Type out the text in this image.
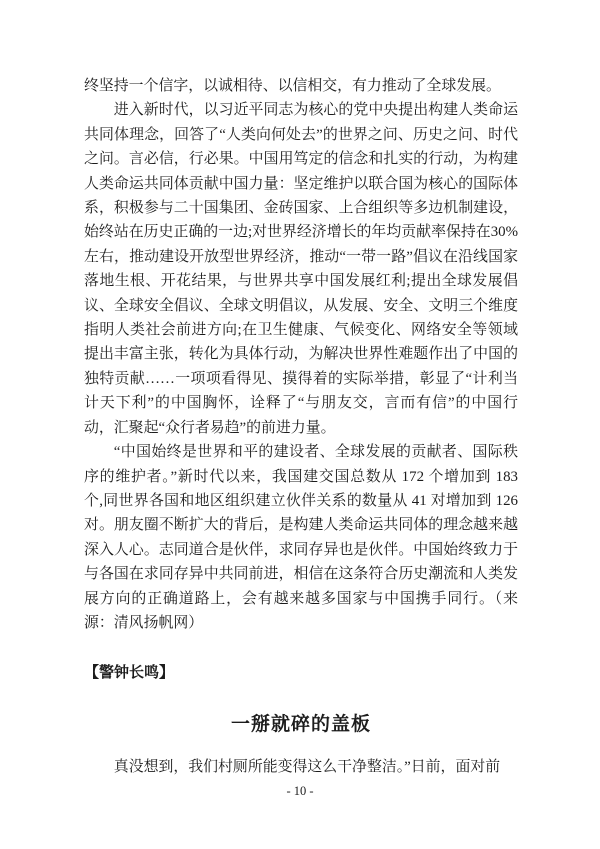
终坚持一个信字，以诚相待、以信相交，有力推动了全球发展。

进入新时代，以习近平同志为核心的党中央提出构建人类命运共同体理念，回答了“人类向何处去”的世界之问、历史之问、时代之问。言必信，行必果。中国用笃定的信念和扎实的行动，为构建人类命运共同体贡献中国力量：坚定维护以联合国为核心的国际体系，积极参与二十国集团、金砖国家、上合组织等多边机制建设，始终站在历史正确的一边;对世界经济增长的年均贡献率保持在30%左右，推动建设开放型世界经济，推动“一带一路”倡议在沿线国家落地生根、开花结果，与世界共享中国发展红利;提出全球发展倡议、全球安全倡议、全球文明倡议，从发展、安全、文明三个维度指明人类社会前进方向;在卫生健康、气候变化、网络安全等领域提出丰富主张，转化为具体行动，为解决世界性难题作出了中国的独特贡献……一项项看得见、摸得着的实际举措，彰显了“计利当计天下利”的中国胸怀，诠释了“与朋友交，言而有信”的中国行动，汇聚起“众行者易趋”的前进力量。

“中国始终是世界和平的建设者、全球发展的贡献者、国际秩序的维护者。”新时代以来，我国建交国总数从 172 个增加到 183 个,同世界各国和地区组织建立伙伴关系的数量从 41 对增加到 126 对。朋友圈不断扩大的背后，是构建人类命运共同体的理念越来越深入人心。志同道合是伙伴，求同存异也是伙伴。中国始终致力于与各国在求同存异中共同前进，相信在这条符合历史潮流和人类发展方向的正确道路上，会有越来越多国家与中国携手同行。（来源：清风扬帆网）

【警钟长鸣】
一掰就碎的盖板

真没想到，我们村厕所能变得这么干净整洁。”日前，面对前

- 10 -
